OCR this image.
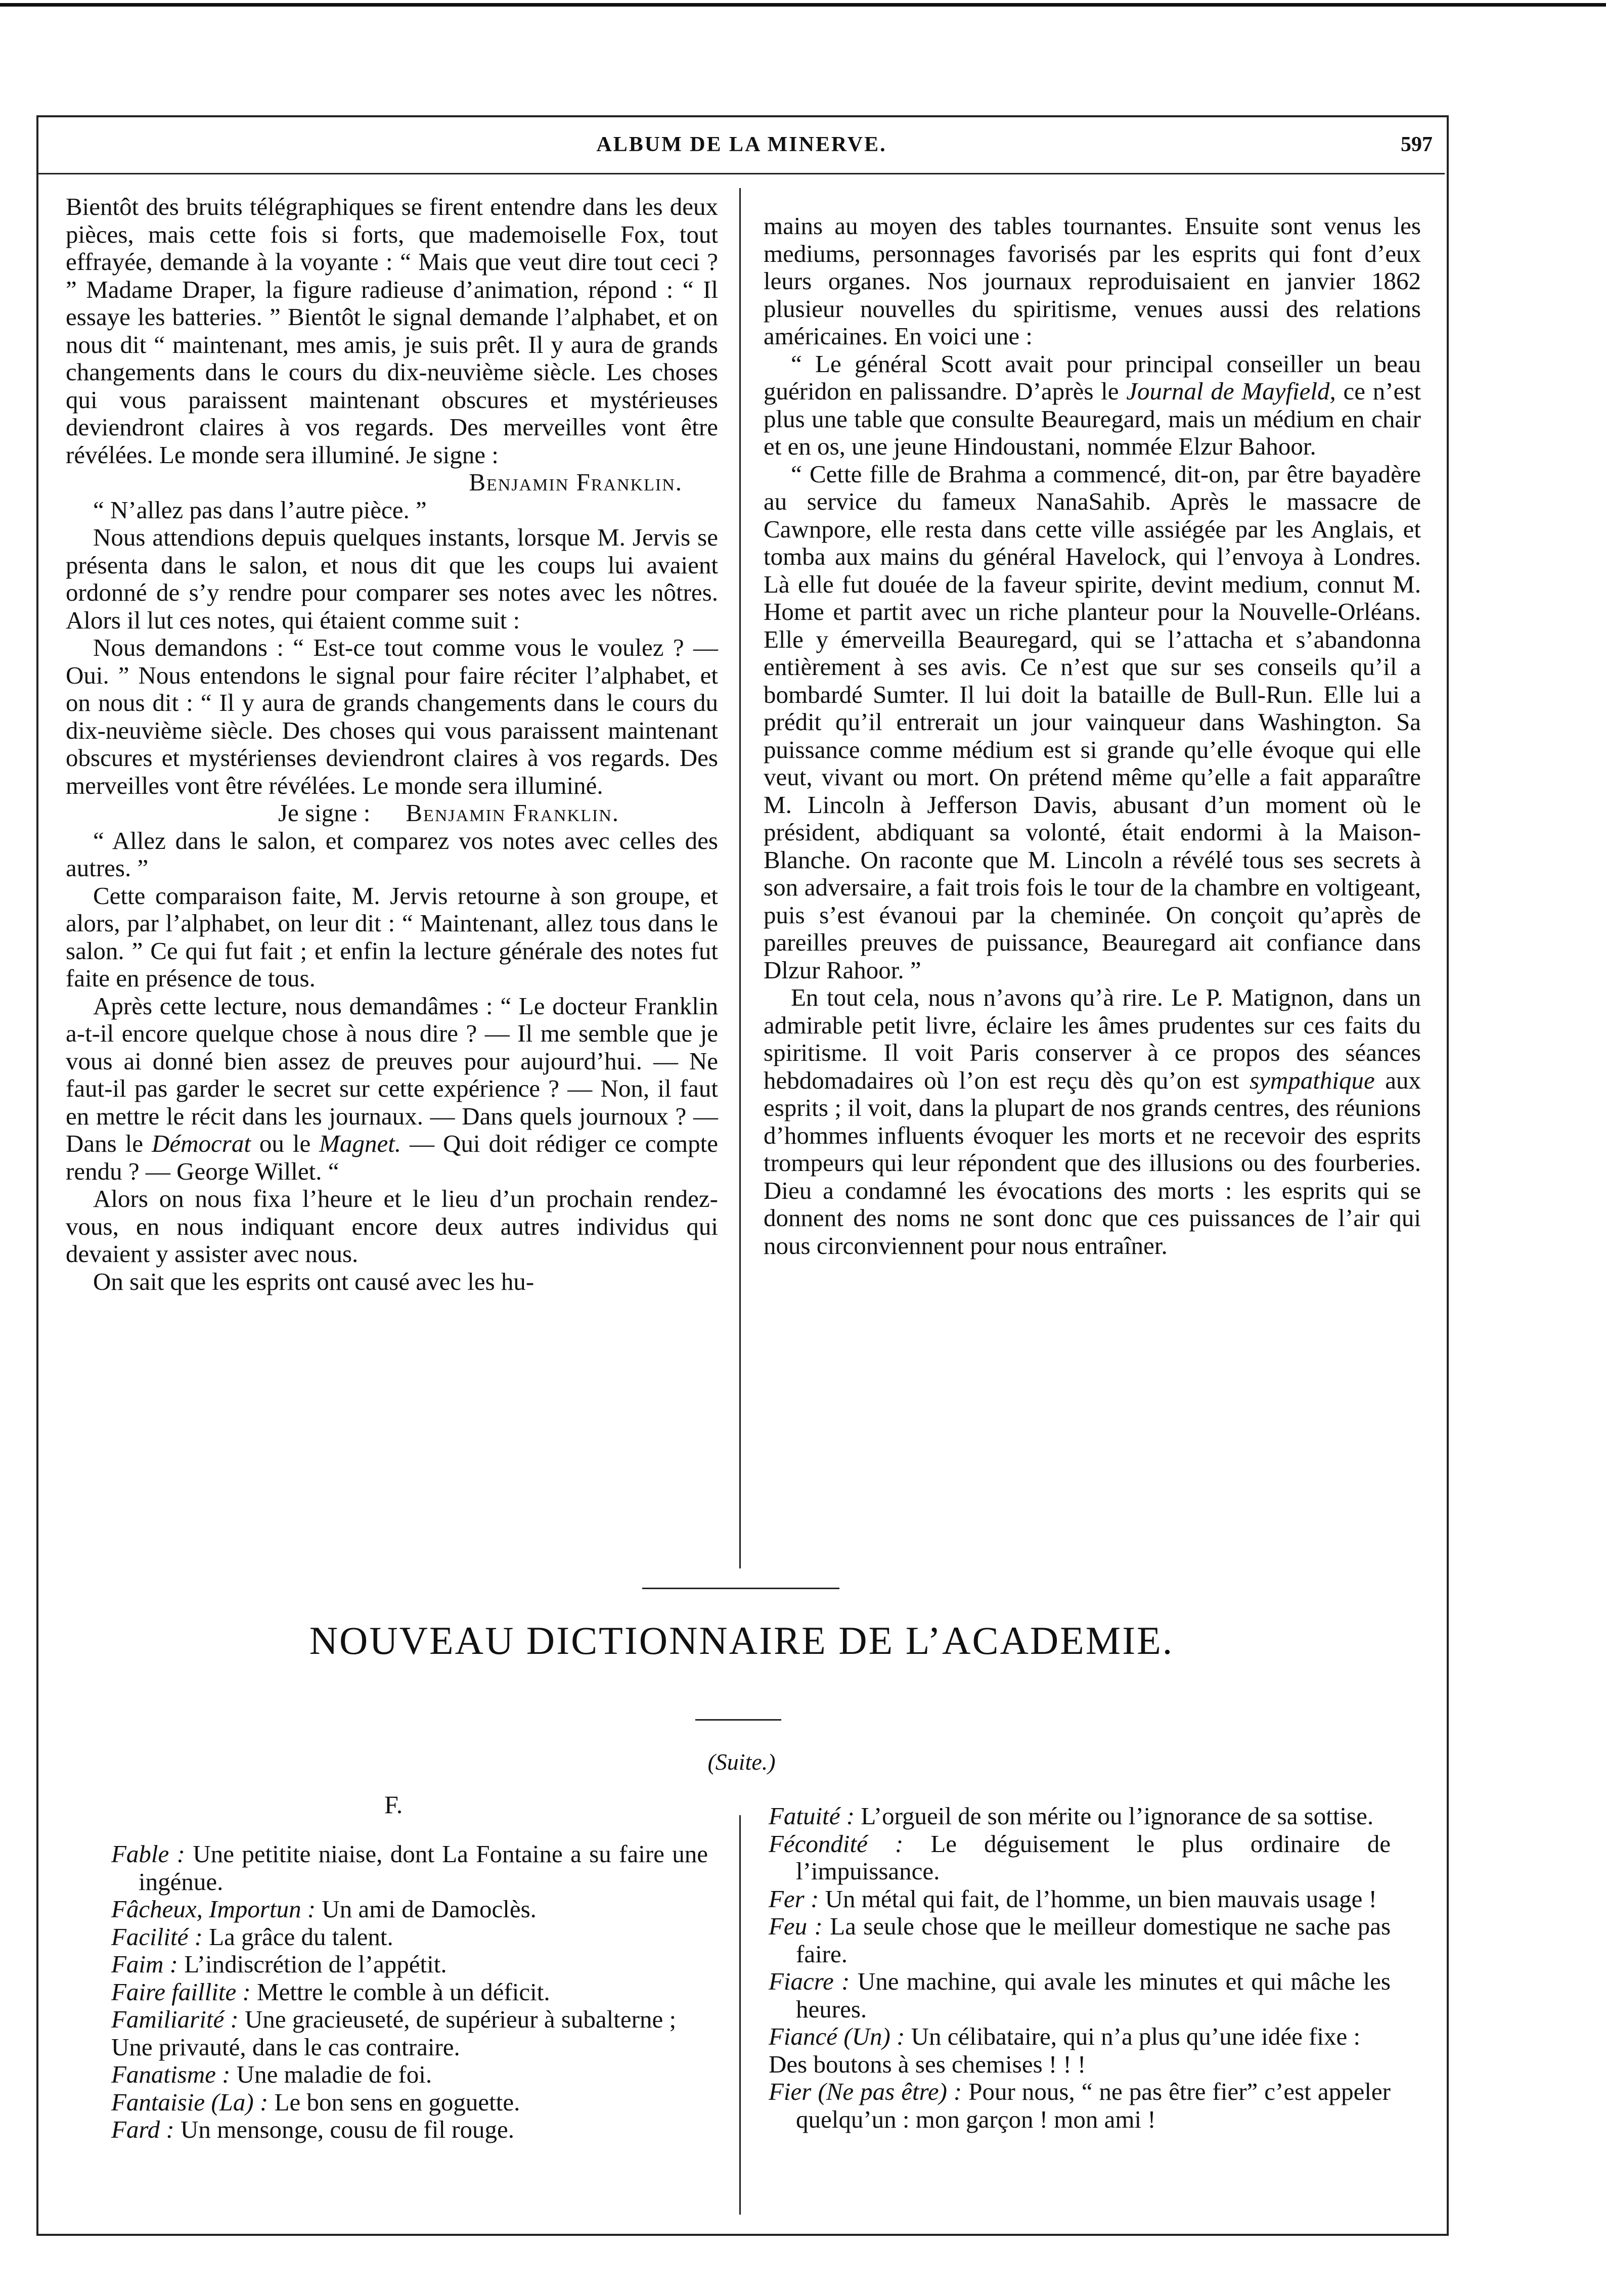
ALBUM DE LA MINERVE.	597

Bientôt des bruits télégraphiques se firent entendre dans les deux pièces, mais cette fois si forts, que mademoiselle Fox, tout effrayée, demande à la voyante : “ Mais que veut dire tout ceci ? ” Madame Draper, la figure radieuse d’animation, répond : “ Il essaye les batteries. ” Bientôt le signal demande l’alphabet, et on nous dit “ maintenant, mes amis, je suis prêt. Il y aura de grands changements dans le cours du dix-neuvième siècle. Les choses qui vous paraissent maintenant obscures et mystérieuses deviendront claires à vos regards. Des merveilles vont être révélées. Le monde sera illuminé. Je signe :

Benjamin Franklin.

“ N’allez pas dans l’autre pièce. ”

Nous attendions depuis quelques instants, lorsque M. Jervis se présenta dans le salon, et nous dit que les coups lui avaient ordonné de s’y rendre pour comparer ses notes avec les nôtres. Alors il lut ces notes, qui étaient comme suit :

Nous demandons : “ Est-ce tout comme vous le voulez ? — Oui. ” Nous entendons le signal pour faire réciter l’alphabet, et on nous dit : “ Il y aura de grands changements dans le cours du dix-neuvième siècle. Des choses qui vous paraissent maintenant obscures et mystérienses deviendront claires à vos regards. Des merveilles vont être révélées. Le monde sera illuminé.

Je signe : Benjamin Franklin.

“ Allez dans le salon, et comparez vos notes avec celles des autres. ”

Cette comparaison faite, M. Jervis retourne à son groupe, et alors, par l’alphabet, on leur dit : “ Maintenant, allez tous dans le salon. ” Ce qui fut fait ; et enfin la lecture générale des notes fut faite en présence de tous.

Après cette lecture, nous demandâmes : “ Le docteur Franklin a-t-il encore quelque chose à nous dire ? — Il me semble que je vous ai donné bien assez de preuves pour aujourd’hui. — Ne faut-il pas garder le secret sur cette expérience ? — Non, il faut en mettre le récit dans les journaux. — Dans quels journoux ? — Dans le Démocrat ou le Magnet. — Qui doit rédiger ce compte rendu ? — George Willet. “

Alors on nous fixa l’heure et le lieu d’un prochain rendez-vous, en nous indiquant encore deux autres individus qui devaient y assister avec nous.

On sait que les esprits ont causé avec les hu-

mains au moyen des tables tournantes. Ensuite sont venus les mediums, personnages favorisés par les esprits qui font d’eux leurs organes. Nos journaux reproduisaient en janvier 1862 plusieur nouvelles du spiritisme, venues aussi des relations américaines. En voici une :

“ Le général Scott avait pour principal conseiller un beau guéridon en palissandre. D’après le Journal de Mayfield, ce n’est plus une table que consulte Beauregard, mais un médium en chair et en os, une jeune Hindoustani, nommée Elzur Bahoor.

“ Cette fille de Brahma a commencé, dit-on, par être bayadère au service du fameux NanaSahib. Après le massacre de Cawnpore, elle resta dans cette ville assiégée par les Anglais, et tomba aux mains du général Havelock, qui l’envoya à Londres. Là elle fut douée de la faveur spirite, devint medium, connut M. Home et partit avec un riche planteur pour la Nouvelle-Orléans. Elle y émerveilla Beauregard, qui se l’attacha et s’abandonna entièrement à ses avis. Ce n’est que sur ses conseils qu’il a bombardé Sumter. Il lui doit la bataille de Bull-Run. Elle lui a prédit qu’il entrerait un jour vainqueur dans Washington. Sa puissance comme médium est si grande qu’elle évoque qui elle veut, vivant ou mort. On prétend même qu’elle a fait apparaître M. Lincoln à Jefferson Davis, abusant d’un moment où le président, abdiquant sa volonté, était endormi à la Maison-Blanche. On raconte que M. Lincoln a révélé tous ses secrets à son adversaire, a fait trois fois le tour de la chambre en voltigeant, puis s’est évanoui par la cheminée. On conçoit qu’après de pareilles preuves de puissance, Beauregard ait confiance dans Dlzur Rahoor. ”

En tout cela, nous n’avons qu’à rire. Le P. Matignon, dans un admirable petit livre, éclaire les âmes prudentes sur ces faits du spiritisme. Il voit Paris conserver à ce propos des séances hebdomadaires où l’on est reçu dès qu’on est sympathique aux esprits ; il voit, dans la plupart de nos grands centres, des réunions d’hommes influents évoquer les morts et ne recevoir des esprits trompeurs qui leur répondent que des illusions ou des fourberies. Dieu a condamné les évocations des morts : les esprits qui se donnent des noms ne sont donc que ces puissances de l’air qui nous circonviennent pour nous entraîner.

NOUVEAU DICTIONNAIRE DE L’ACADEMIE.
(Suite.)
F.

Fable : Une petitite niaise, dont La Fontaine a su faire une ingénue.

Fâcheux, Importun : Un ami de Damoclès.

Facilité : La grâce du talent.

Faim : L’indiscrétion de l’appétit.

Faire faillite : Mettre le comble à un déficit.

Familiarité : Une gracieuseté, de supérieur à subalterne ;

Une privauté, dans le cas contraire.

Fanatisme : Une maladie de foi.

Fantaisie (La) : Le bon sens en goguette.

Fard : Un mensonge, cousu de fil rouge.

Fatuité : L’orgueil de son mérite ou l’ignorance de sa sottise.

Fécondité : Le déguisement le plus ordinaire de l’impuissance.

Fer : Un métal qui fait, de l’homme, un bien mauvais usage !

Feu : La seule chose que le meilleur domestique ne sache pas faire.

Fiacre : Une machine, qui avale les minutes et qui mâche les heures.

Fiancé (Un) : Un célibataire, qui n’a plus qu’une idée fixe :

Des boutons à ses chemises ! ! !

Fier (Ne pas être) : Pour nous, “ ne pas être fier” c’est appeler quelqu’un : mon garçon ! mon ami !
